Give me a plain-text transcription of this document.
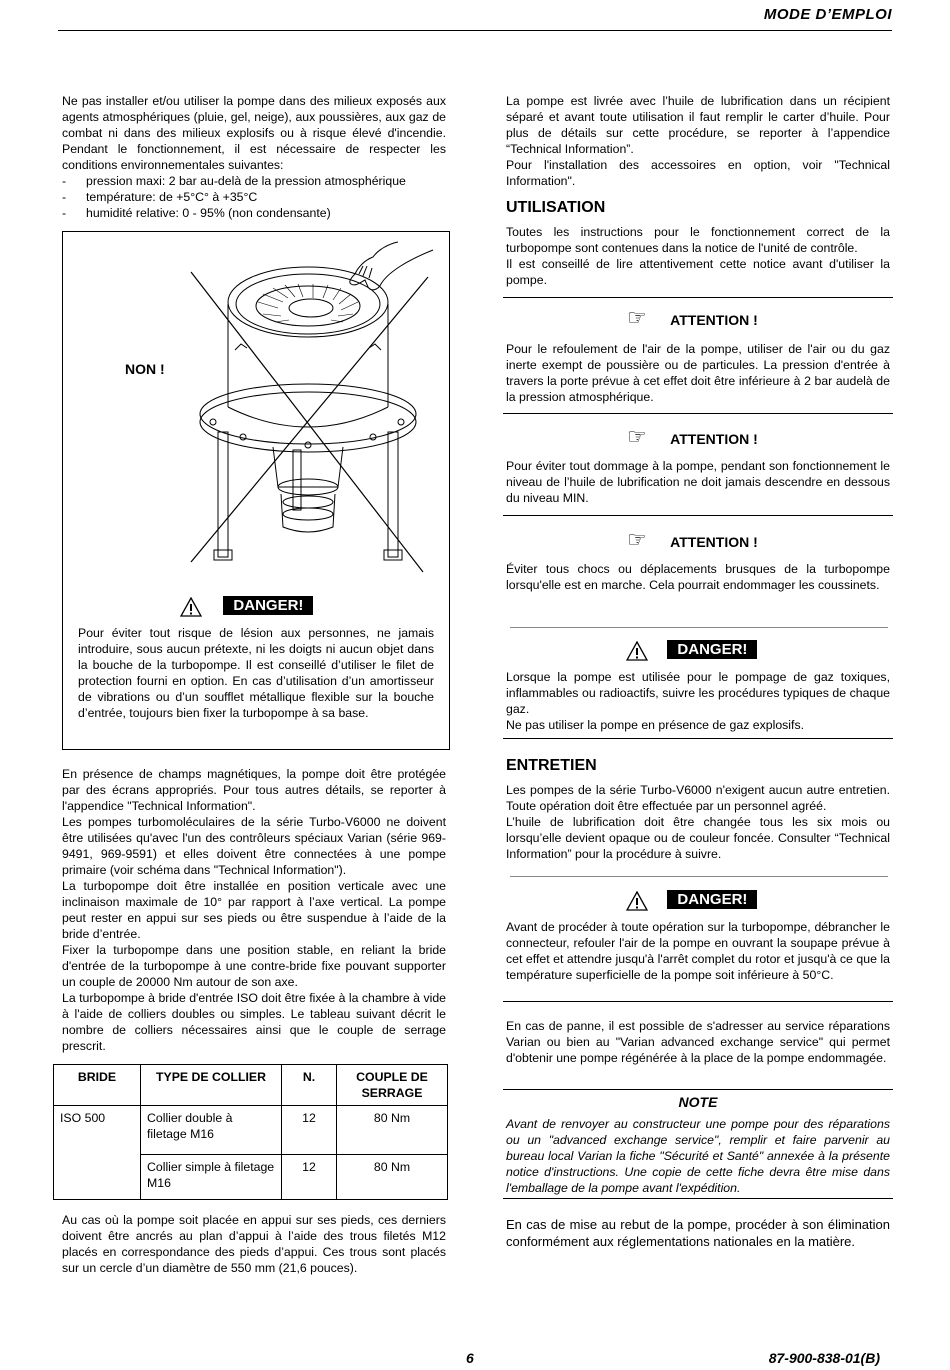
MODE D’EMPLOI

Ne pas installer et/ou utiliser la pompe dans des milieux exposés aux agents atmosphériques (pluie, gel, neige), aux poussières, aux gaz de combat ni dans des milieux explosifs ou à risque élevé d'incendie. Pendant le fonctionnement, il est nécessaire de respecter les conditions environnementales suivantes:

-	pression maxi: 2 bar au-delà de la pression atmosphérique
-	température: de +5°C° à +35°C
-	humidité relative: 0 - 95% (non condensante)
NON !
DANGER!

Pour éviter tout risque de lésion aux personnes, ne jamais introduire, sous aucun prétexte, ni les doigts ni aucun objet dans la bouche de la turbopompe. Il est conseillé d’utiliser le filet de protection fourni en option. En cas d’utilisation d’un amortisseur de vibrations ou d’un soufflet métallique flexible sur la bouche d’entrée, toujours bien fixer la turbopompe à sa base.

En présence de champs magnétiques, la pompe doit être protégée par des écrans appropriés. Pour tous autres détails, se reporter à l'appendice "Technical Information".

Les pompes turbomoléculaires de la série Turbo-V6000 ne doivent être utilisées qu'avec l'un des contrôleurs spéciaux Varian (série 969-9491, 969-9591) et elles doivent être connectées à une pompe primaire (voir schéma dans "Technical Information").

La turbopompe doit être installée en position verticale avec une inclinaison maximale de 10° par rapport à l’axe vertical. La pompe peut rester en appui sur ses pieds ou être suspendue à l’aide de la bride d’entrée.

Fixer la turbopompe dans une position stable, en reliant la bride d'entrée de la turbopompe à une contre-bride fixe pouvant supporter un couple de 20000 Nm autour de son axe.

La turbopompe à bride d'entrée ISO doit être fixée à la chambre à vide à l'aide de colliers doubles ou simples. Le tableau suivant décrit le nombre de colliers nécessaires ainsi que le couple de serrage prescrit.

BRIDE	TYPE DE COLLIER	N.	COUPLE DE SERRAGE
ISO 500	Collier double à filetage M16	12	80 Nm
	Collier simple à filetage M16	12	80 Nm

Au cas où la pompe soit placée en appui sur ses pieds, ces derniers doivent être ancrés au plan d’appui à l’aide des trous filetés M12 placés en correspondance des pieds d’appui. Ces trous sont placés sur un cercle d’un diamètre de 550 mm (21,6 pouces).

La pompe est livrée avec l’huile de lubrification dans un récipient séparé et avant toute utilisation il faut remplir le carter d’huile. Pour plus de détails sur cette procédure, se reporter à l’appendice “Technical Information”.

Pour l'installation des accessoires en option, voir "Technical Information".

UTILISATION

Toutes les instructions pour le fonctionnement correct de la turbopompe sont contenues dans la notice de l'unité de contrôle.

Il est conseillé de lire attentivement cette notice avant d'utiliser la pompe.

☞ ATTENTION !

Pour le refoulement de l'air de la pompe, utiliser de l'air ou du gaz inerte exempt de poussière ou de particules. La pression d'entrée à travers la porte prévue à cet effet doit être inférieure à 2 bar audelà de la pression atmosphérique.

☞ ATTENTION !

Pour éviter tout dommage à la pompe, pendant son fonctionnement le niveau de l’huile de lubrification ne doit jamais descendre en dessous du niveau MIN.

☞ ATTENTION !

Éviter tous chocs ou déplacements brusques de la turbopompe lorsqu'elle est en marche. Cela pourrait endommager les coussinets.

DANGER!

Lorsque la pompe est utilisée pour le pompage de gaz toxiques, inflammables ou radioactifs, suivre les procédures typiques de chaque gaz.

Ne pas utiliser la pompe en présence de gaz explosifs.

ENTRETIEN

Les pompes de la série Turbo-V6000 n'exigent aucun autre entretien. Toute opération doit être effectuée par un personnel agréé.

L’huile de lubrification doit être changée tous les six mois ou lorsqu’elle devient opaque ou de couleur foncée. Consulter “Technical Information” pour la procédure à suivre.

DANGER!

Avant de procéder à toute opération sur la turbopompe, débrancher le connecteur, refouler l'air de la pompe en ouvrant la soupape prévue à cet effet et attendre jusqu'à l'arrêt complet du rotor et jusqu'à ce que la température superficielle de la pompe soit inférieure à 50°C.

En cas de panne, il est possible de s'adresser au service réparations Varian ou bien au "Varian advanced exchange service" qui permet d'obtenir une pompe régénérée à la place de la pompe endommagée.

NOTE

Avant de renvoyer au constructeur une pompe pour des réparations ou un "advanced exchange service", remplir et faire parvenir au bureau local Varian la fiche "Sécurité et Santé" annexée à la présente notice d'instructions. Une copie de cette fiche devra être mise dans l'emballage de la pompe avant l'expédition.

En cas de mise au rebut de la pompe, procéder à son élimination conformément aux réglementations nationales en la matière.

6	87-900-838-01(B)
